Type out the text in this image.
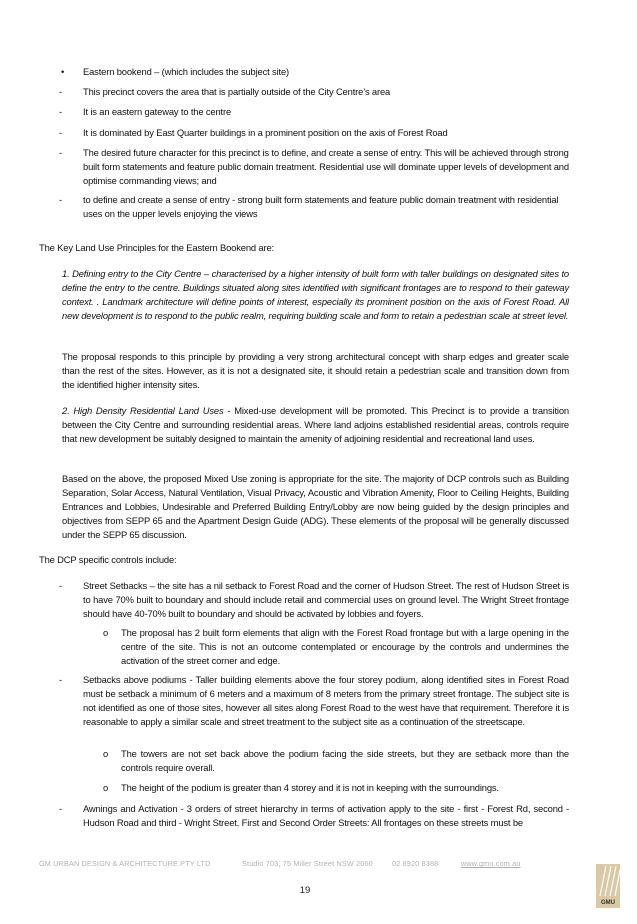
•	Eastern bookend – (which includes the subject site)
-	This precinct covers the area that is partially outside of the City Centre’s area
-	It is an eastern gateway to the centre
-	It is dominated by East Quarter buildings in a prominent position on the axis of Forest Road
-	The desired future character for this precinct is to define, and create a sense of entry. This will be achieved through strong built form statements and feature public domain treatment. Residential use will dominate upper levels of development and optimise commanding views; and
-	to define and create a sense of entry - strong built form statements and feature public domain treatment with residential uses on the upper levels enjoying the views
The Key Land Use Principles for the Eastern Bookend are:
1. Defining entry to the City Centre – characterised by a higher intensity of built form with taller buildings on designated sites to define the entry to the centre. Buildings situated along sites identified with significant frontages are to respond to their gateway context. . Landmark architecture will define points of interest, especially its prominent position on the axis of Forest Road. All new development is to respond to the public realm, requiring building scale and form to retain a pedestrian scale at street level.
The proposal responds to this principle by providing a very strong architectural concept with sharp edges and greater scale than the rest of the sites. However, as it is not a designated site, it should retain a pedestrian scale and transition down from the identified higher intensity sites.
2. High Density Residential Land Uses - Mixed-use development will be promoted. This Precinct is to provide a transition between the City Centre and surrounding residential areas. Where land adjoins established residential areas, controls require that new development be suitably designed to maintain the amenity of adjoining residential and recreational land uses.
Based on the above, the proposed Mixed Use zoning is appropriate for the site. The majority of DCP controls such as Building Separation, Solar Access, Natural Ventilation, Visual Privacy, Acoustic and Vibration Amenity, Floor to Ceiling Heights, Building Entrances and Lobbies, Undesirable and Preferred Building Entry/Lobby are now being guided by the design principles and objectives from SEPP 65 and the Apartment Design Guide (ADG). These elements of the proposal will be generally discussed under the SEPP 65 discussion.
The DCP specific controls include:
-	Street Setbacks – the site has a nil setback to Forest Road and the corner of Hudson Street. The rest of Hudson Street is to have 70% built to boundary and should include retail and commercial uses on ground level. The Wright Street frontage should have 40-70% built to boundary and should be activated by lobbies and foyers.
o The proposal has 2 built form elements that align with the Forest Road frontage but with a large opening in the centre of the site. This is not an outcome contemplated or encourage by the controls and undermines the activation of the street corner and edge.
-	Setbacks above podiums - Taller building elements above the four storey podium, along identified sites in Forest Road must be setback a minimum of 6 meters and a maximum of 8 meters from the primary street frontage. The subject site is not identified as one of those sites, however all sites along Forest Road to the west have that requirement. Therefore it is reasonable to apply a similar scale and street treatment to the subject site as a continuation of the streetscape.
o The towers are not set back above the podium facing the side streets, but they are setback more than the controls require overall.
o The height of the podium is greater than 4 storey and it is not in keeping with the surroundings.
-	Awnings and Activation - 3 orders of street hierarchy in terms of activation apply to the site - first - Forest Rd, second - Hudson Road and third - Wright Street. First and Second Order Streets: All frontages on these streets must be
GM URBAN DESIGN & ARCHITECTURE PTY LTD	Studio 703, 75 Miller Street NSW 2060	02 8920 8388	www.gmu.com.au
19
GMU
